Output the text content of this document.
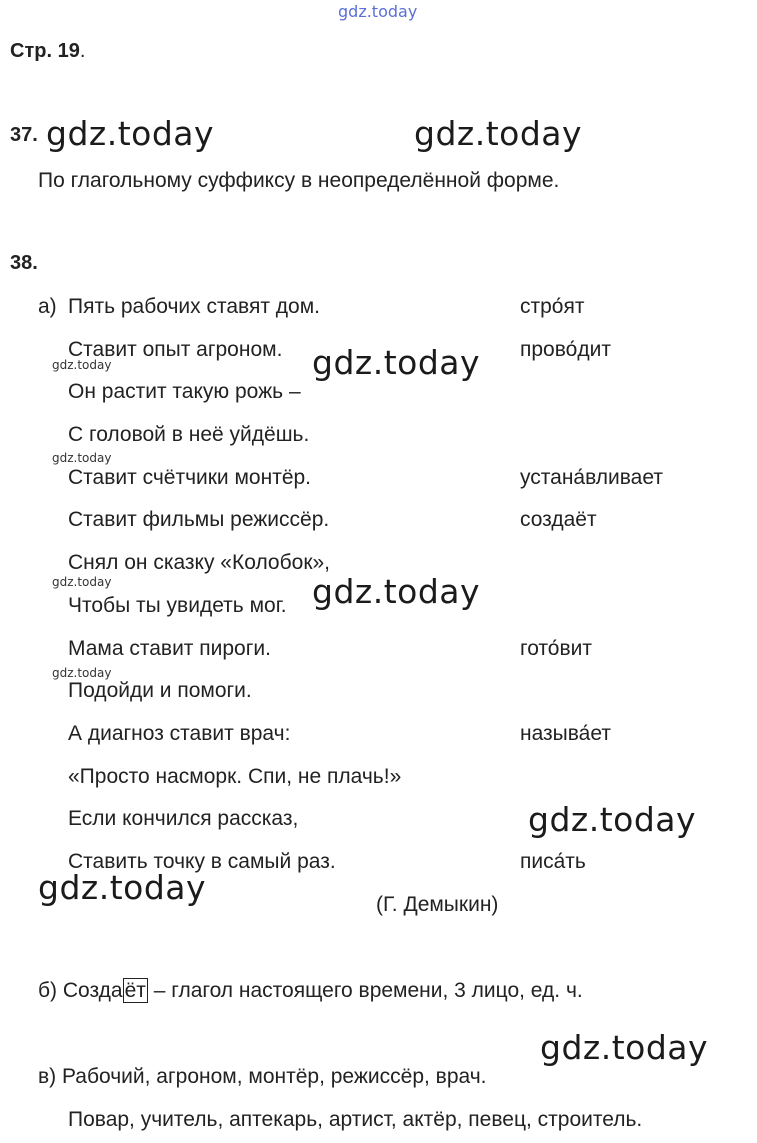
gdz.today
Стр. 19.
37. gdz.today	gdz.today
По глагольному суффиксу в неопределённой форме.
38.
а) Пять рабочих ставят дом.	стро́ят
Ставит опыт агроном.	прово́дит
Он растит такую рожь –
С головой в неё уйдёшь.
Ставит счётчики монтёр.	устана́вливает
Ставит фильмы режиссёр.	создаёт
Снял он сказку «Колобок»,
Чтобы ты увидеть мог.
Мама ставит пироги.	гото́вит
Подойди и помоги.
А диагноз ставит врач:	называ́ет
«Просто насморк. Спи, не плачь!»
Если кончился рассказ,
Ставить точку в самый раз.	писа́ть
(Г. Демыкин)
gdz.today
gdz.today
gdz.today
gdz.today
gdz.today
gdz.today
gdz.today
gdz.today
gdz.today
б) Создаёт – глагол настоящего времени, 3 лицо, ед. ч.
в) Рабочий, агроном, монтёр, режиссёр, врач.
Повар, учитель, аптекарь, артист, актёр, певец, строитель.
